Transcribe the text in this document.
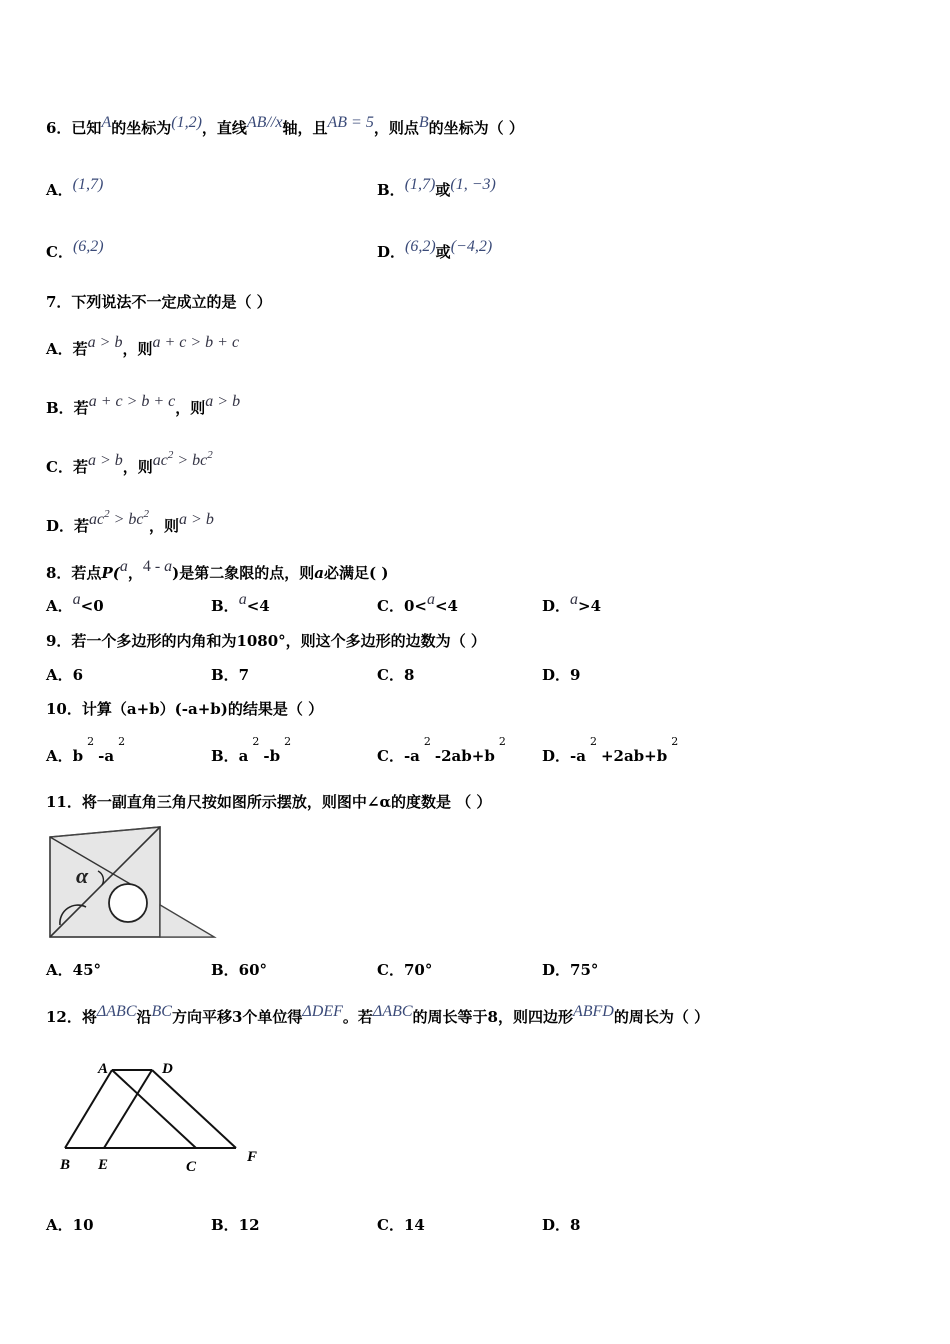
6．已知A的坐标为(1,2)，直线AB//x轴，且AB = 5，则点B的坐标为（ ）
A．(1,7)	B．(1,7)或(1, −3)
C．(6,2)	D．(6,2)或(−4,2)
7．下列说法不一定成立的是（ ）
A．若a > b，则a + c > b + c
B．若a + c > b + c，则a > b
C．若a > b，则$ac^2 > bc^2$
D．若$ac^2 > bc^2$，则a > b
8．若点P(a，4 - a)是第二象限的点，则a必满足( )
A．a<0	B．a<4	C．0<a<4	D．a>4
9．若一个多边形的内角和为1080°，则这个多边形的边数为（ ）
A．6	B．7	C．8	D．9
10．计算（a+b）(-a+b)的结果是（ ）
A．$b^2-a^2$
B．$a^2-b^2$
C．$-a^2-2ab+b^2$
D．$-a^2+2ab+b^2$
11．将一副直角三角尺按如图所示摆放，则图中∠α的度数是 （ ）
α
A．45°	B．60°	C．70°	D．75°
12．将ΔABC沿BC方向平移3个单位得ΔDEF。若ΔABC的周长等于8，则四边形ABFD的周长为（ ）
A	D
B E	C
F
A．10	B．12	C．14	D．8
